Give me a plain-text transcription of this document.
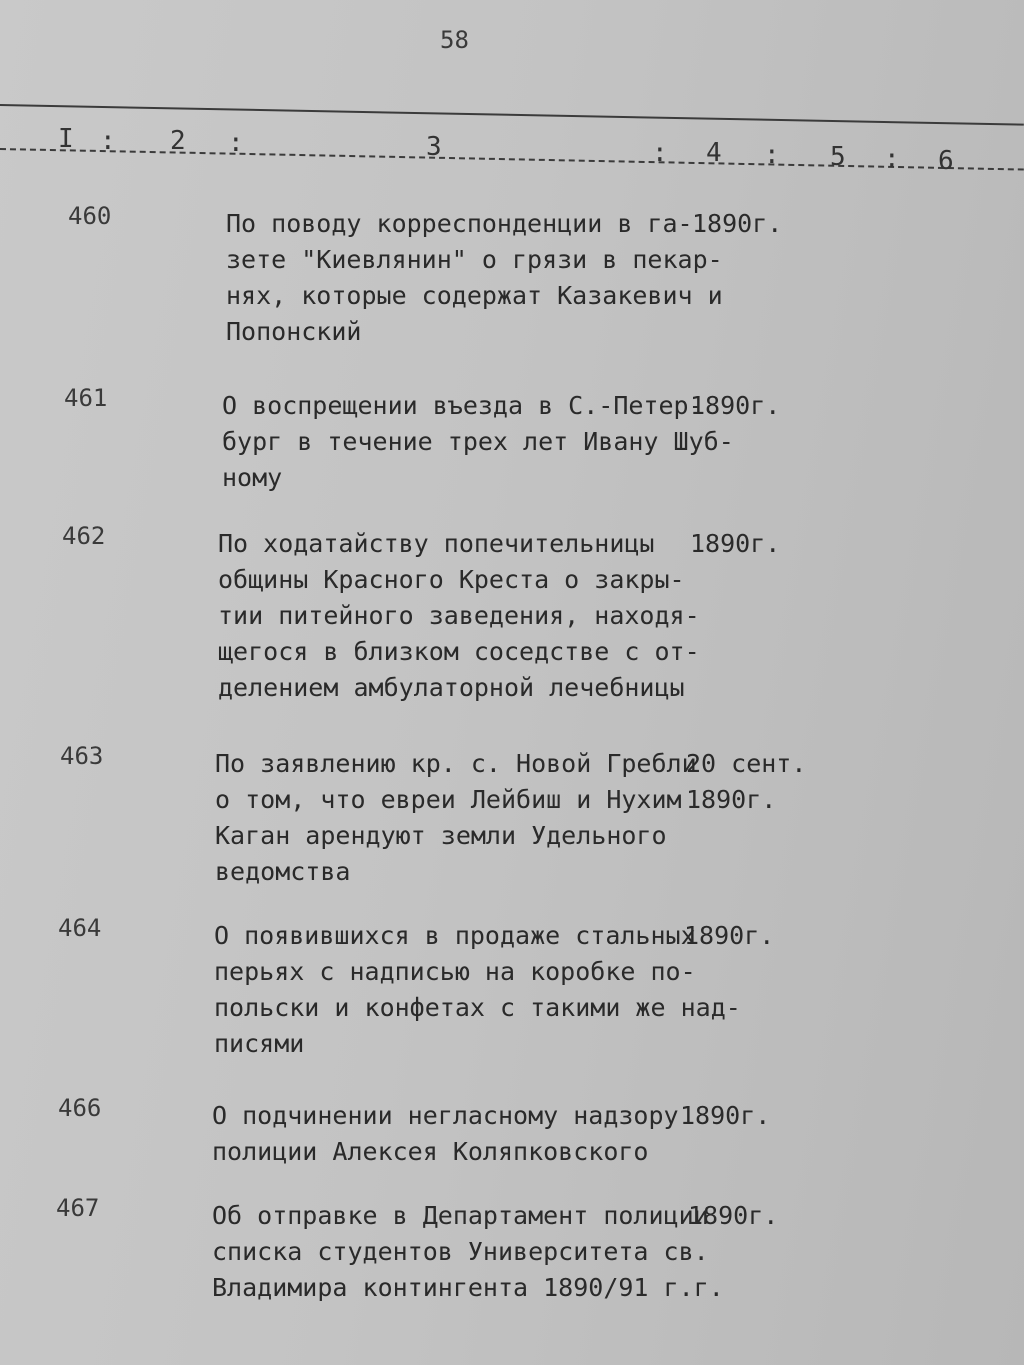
58
I : 2 :	3	: 4 : 5 : 6
460	По поводу корреспонденции в га-
зете "Киевлянин" о грязи в пекар-
нях, которые содержат Казакевич и
Попонский
1890г.
461	О воспрещении въезда в С.-Петер-
бург в течение трех лет Ивану Шуб-
ному
1890г.
462	По ходатайству попечительницы
общины Красного Креста о закры-
тии питейного заведения, находя-
щегося в близком соседстве с от-
делением амбулаторной лечебницы
1890г.
463	По заявлению кр. с. Новой Гребли
о том, что евреи Лейбиш и Нухим
Каган арендуют земли Удельного
ведомства
20 сент.
1890г.
464	О появившихся в продаже стальных
перьях с надписью на коробке по-
польски и конфетах с такими же над-
писями
1890г.
466	О подчинении негласному надзору
полиции Алексея Коляпковского
1890г.
467	Об отправке в Департамент полиции
списка студентов Университета св.
Владимира контингента 1890/91 г.г.
1890г.
